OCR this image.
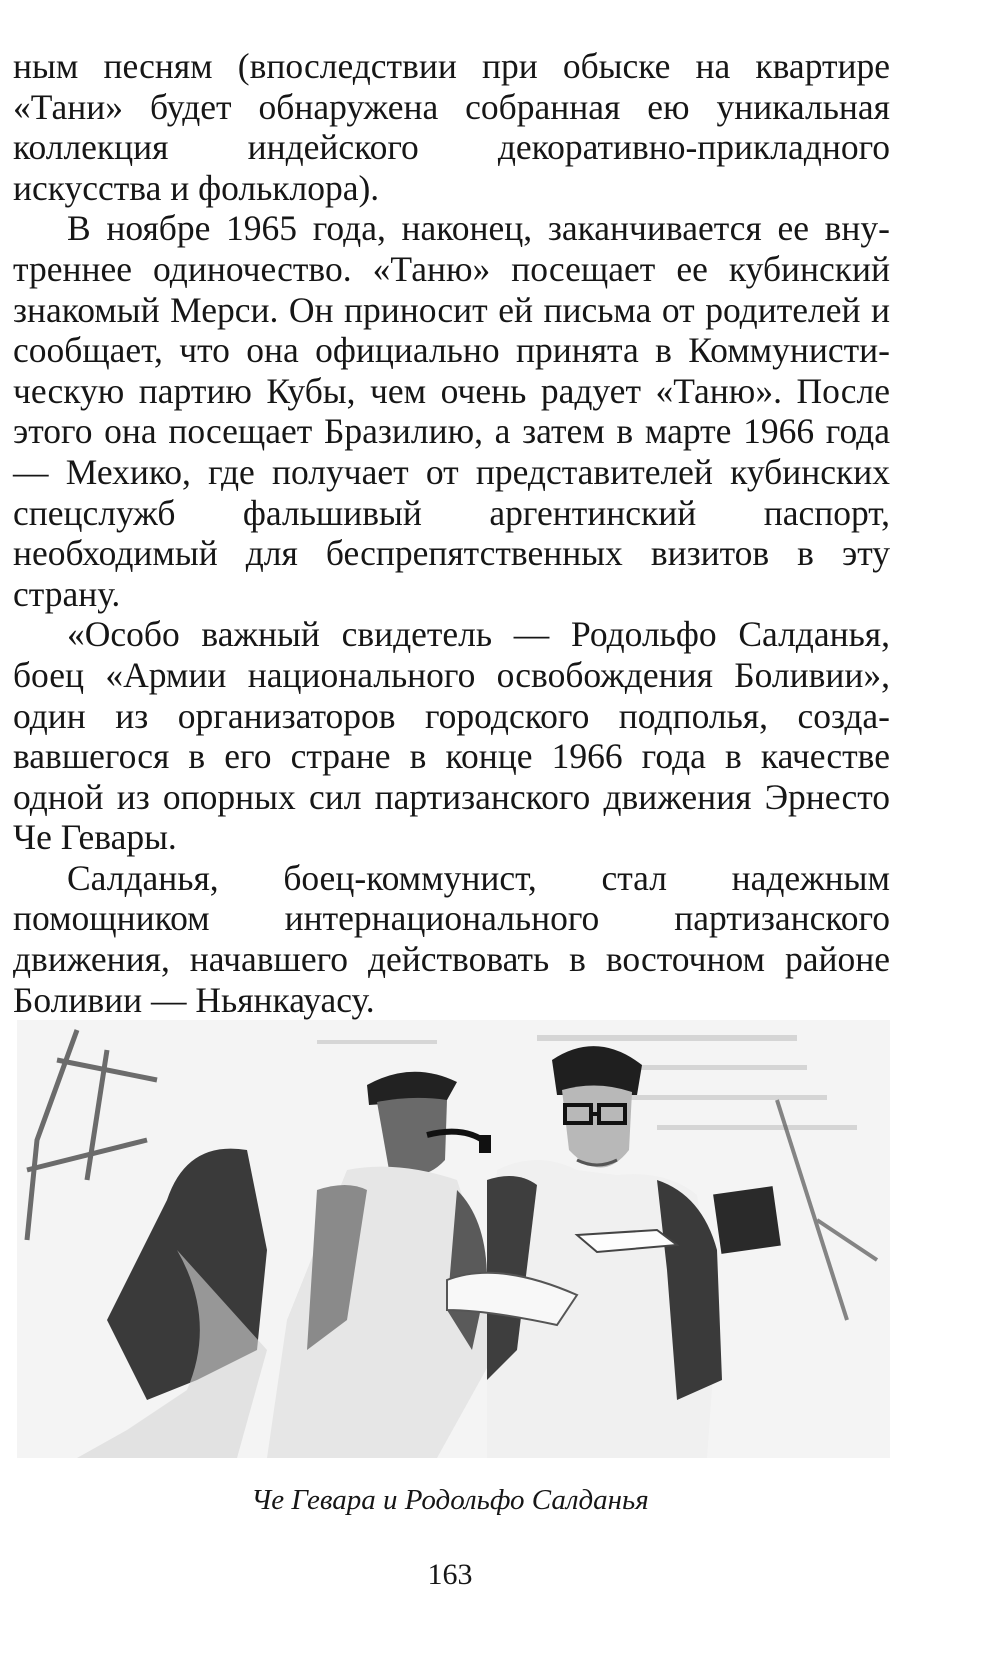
ным песням (впоследствии при обыске на квартире «Тани» будет обнаружена собранная ею уникальная коллекция индейского декоративно-прикладного искусства и фольклора).

В ноябре 1965 года, наконец, заканчивается ее внутреннее одиночество. «Таню» посещает ее кубинский знакомый Мерси. Он приносит ей письма от родителей и сообщает, что она официально принята в Коммунистическую партию Кубы, чем очень радует «Таню». После этого она посещает Бразилию, а затем в марте 1966 года — Мехико, где получает от представителей кубинских спецслужб фальшивый аргентинский паспорт, необходимый для беспрепятственных визитов в эту страну.

«Особо важный свидетель — Родольфо Салданья, боец «Армии национального освобождения Боливии», один из организаторов городского подполья, создававшегося в его стране в конце 1966 года в качестве одной из опорных сил партизанского движения Эрнесто Че Гевары.

Салданья, боец-коммунист, стал надежным помощником интернационального партизанского движения, начавшего действовать в восточном районе Боливии — Ньянкауасу.

Че Гевара и Родольфо Салданья
163
